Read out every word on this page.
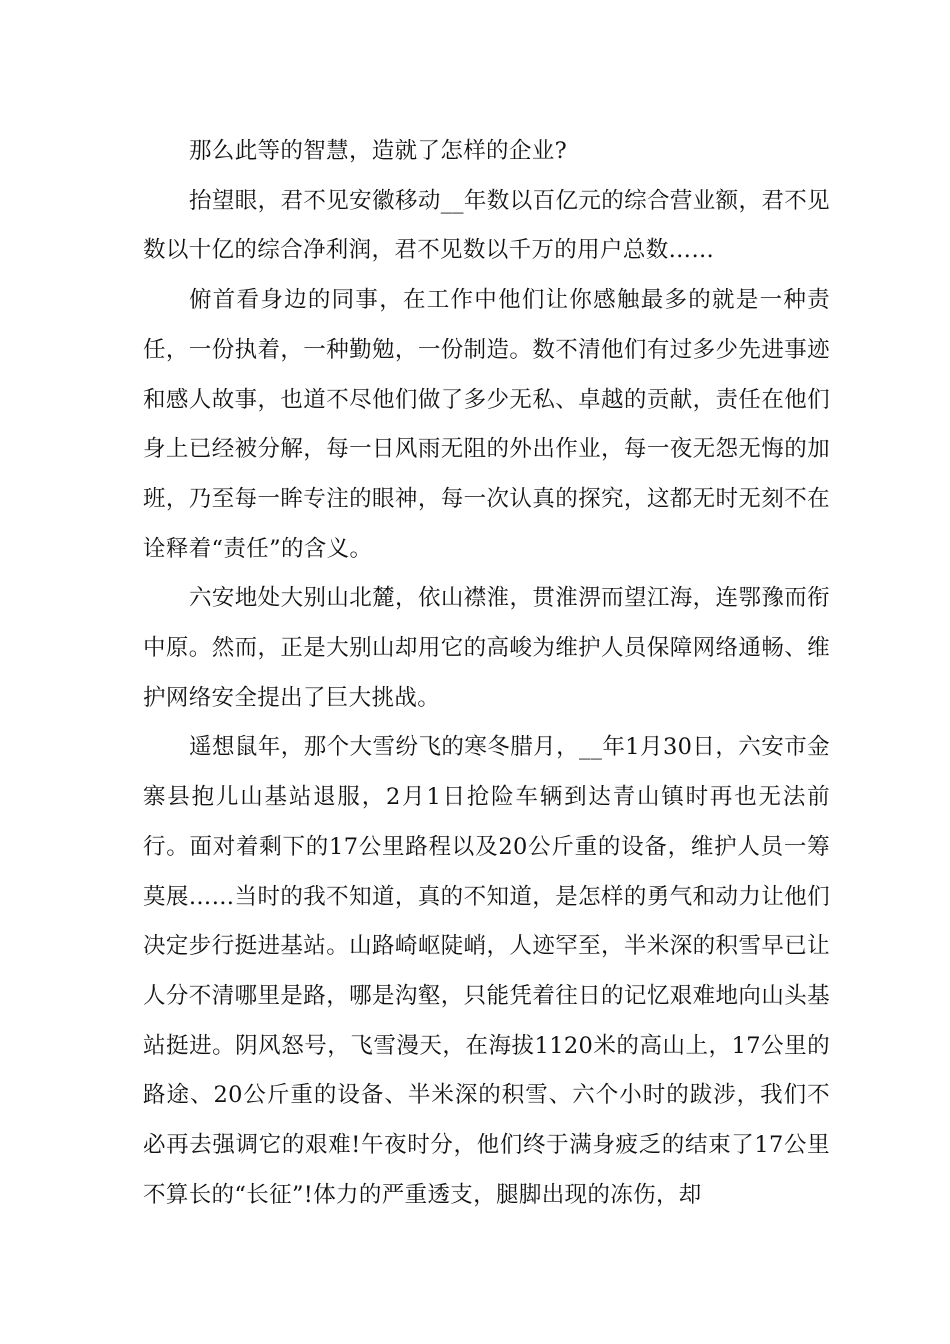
那么此等的智慧，造就了怎样的企业?

抬望眼，君不见安徽移动__年数以百亿元的综合营业额，君不见数以十亿的综合净利润，君不见数以千万的用户总数……

俯首看身边的同事，在工作中他们让你感触最多的就是一种责任，一份执着，一种勤勉，一份制造。数不清他们有过多少先进事迹和感人故事，也道不尽他们做了多少无私、卓越的贡献，责任在他们身上已经被分解，每一日风雨无阻的外出作业，每一夜无怨无悔的加班，乃至每一眸专注的眼神，每一次认真的探究，这都无时无刻不在诠释着“责任”的含义。

六安地处大别山北麓，依山襟淮，贯淮淠而望江海，连鄂豫而衔中原。然而，正是大别山却用它的高峻为维护人员保障网络通畅、维护网络安全提出了巨大挑战。

遥想鼠年，那个大雪纷飞的寒冬腊月，__年1月30日，六安市金寨县抱儿山基站退服，2月1日抢险车辆到达青山镇时再也无法前行。面对着剩下的17公里路程以及20公斤重的设备，维护人员一筹莫展……当时的我不知道，真的不知道，是怎样的勇气和动力让他们决定步行挺进基站。山路崎岖陡峭，人迹罕至，半米深的积雪早已让人分不清哪里是路，哪是沟壑，只能凭着往日的记忆艰难地向山头基站挺进。阴风怒号，飞雪漫天，在海拔1120米的高山上，17公里的路途、20公斤重的设备、半米深的积雪、六个小时的跋涉，我们不必再去强调它的艰难!午夜时分，他们终于满身疲乏的结束了17公里不算长的“长征”!体力的严重透支，腿脚出现的冻伤，却
